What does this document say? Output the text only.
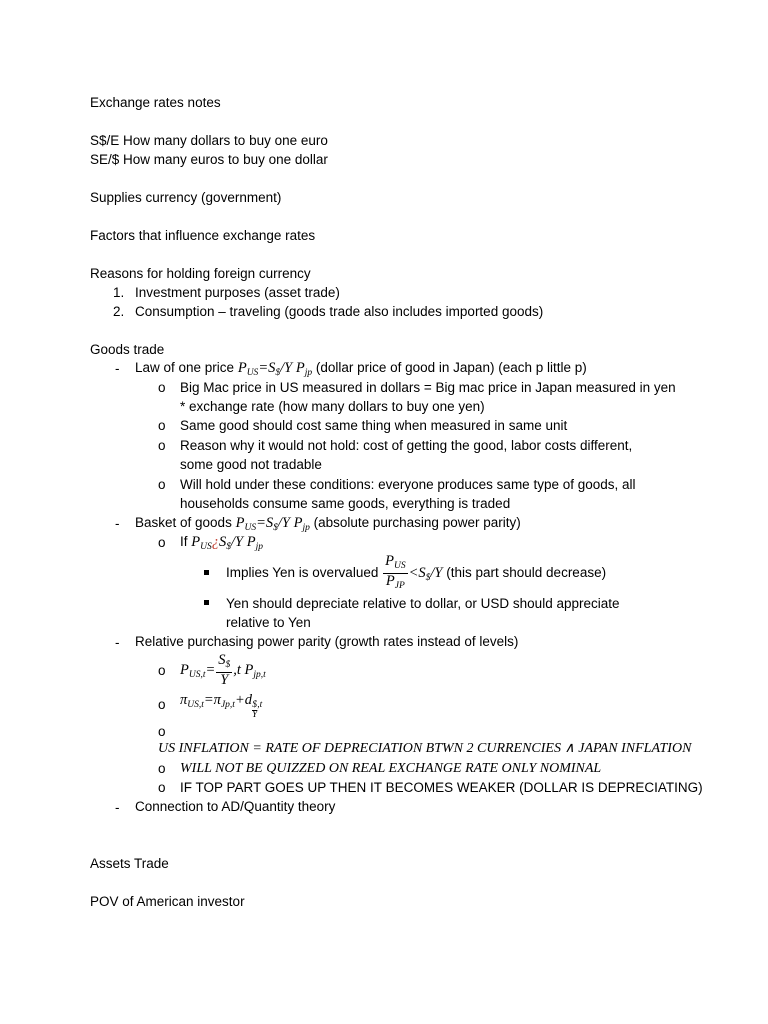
Exchange rates notes
S$/E How many dollars to buy one euro
SE/$ How many euros to buy one dollar
Supplies currency (government)
Factors that influence exchange rates
Reasons for holding foreign currency
1. Investment purposes (asset trade)
2. Consumption – traveling (goods trade also includes imported goods)
Goods trade
- Law of one price $P_{US}=S_{\$}/Y$ $P_{jp}$ (dollar price of good in Japan) (each p little p)
o Big Mac price in US measured in dollars = Big mac price in Japan measured in yen
* exchange rate (how many dollars to buy one yen)
o Same good should cost same thing when measured in same unit
o Reason why it would not hold: cost of getting the good, labor costs different,
some good not tradable
o Will hold under these conditions: everyone produces same type of goods, all
households consume same goods, everything is traded
- Basket of goods $P_{US}=S_{\$}/Y$ $P_{jp}$ (absolute purchasing power parity)
o If $P_{US}¿S_{\$}/Y$ $P_{jp}$
Implies Yen is overvalued $\frac{P_{US}}{P_{JP}} <S_{\$}/Y$ (this part should decrease)
Yen should depreciate relative to dollar, or USD should appreciate
relative to Yen
- Relative purchasing power parity (growth rates instead of levels)
o $P_{US,t}= \frac{S_{\$}}{Y} ,t$ $P_{jp,t}$
o $\pi_{US,t}=\pi_{Jp,t}+d$ $_{\$ Y ,t}$
o
US INFLATION = RATE OF DEPRECIATION BTWN 2 CURRENCIES ∧ JAPAN INFLATION
o WILL NOT BE QUIZZED ON REAL EXCHANGE RATE ONLY NOMINAL
o IF TOP PART GOES UP THEN IT BECOMES WEAKER (DOLLAR IS DEPRECIATING)
- Connection to AD/Quantity theory
Assets Trade
POV of American investor
